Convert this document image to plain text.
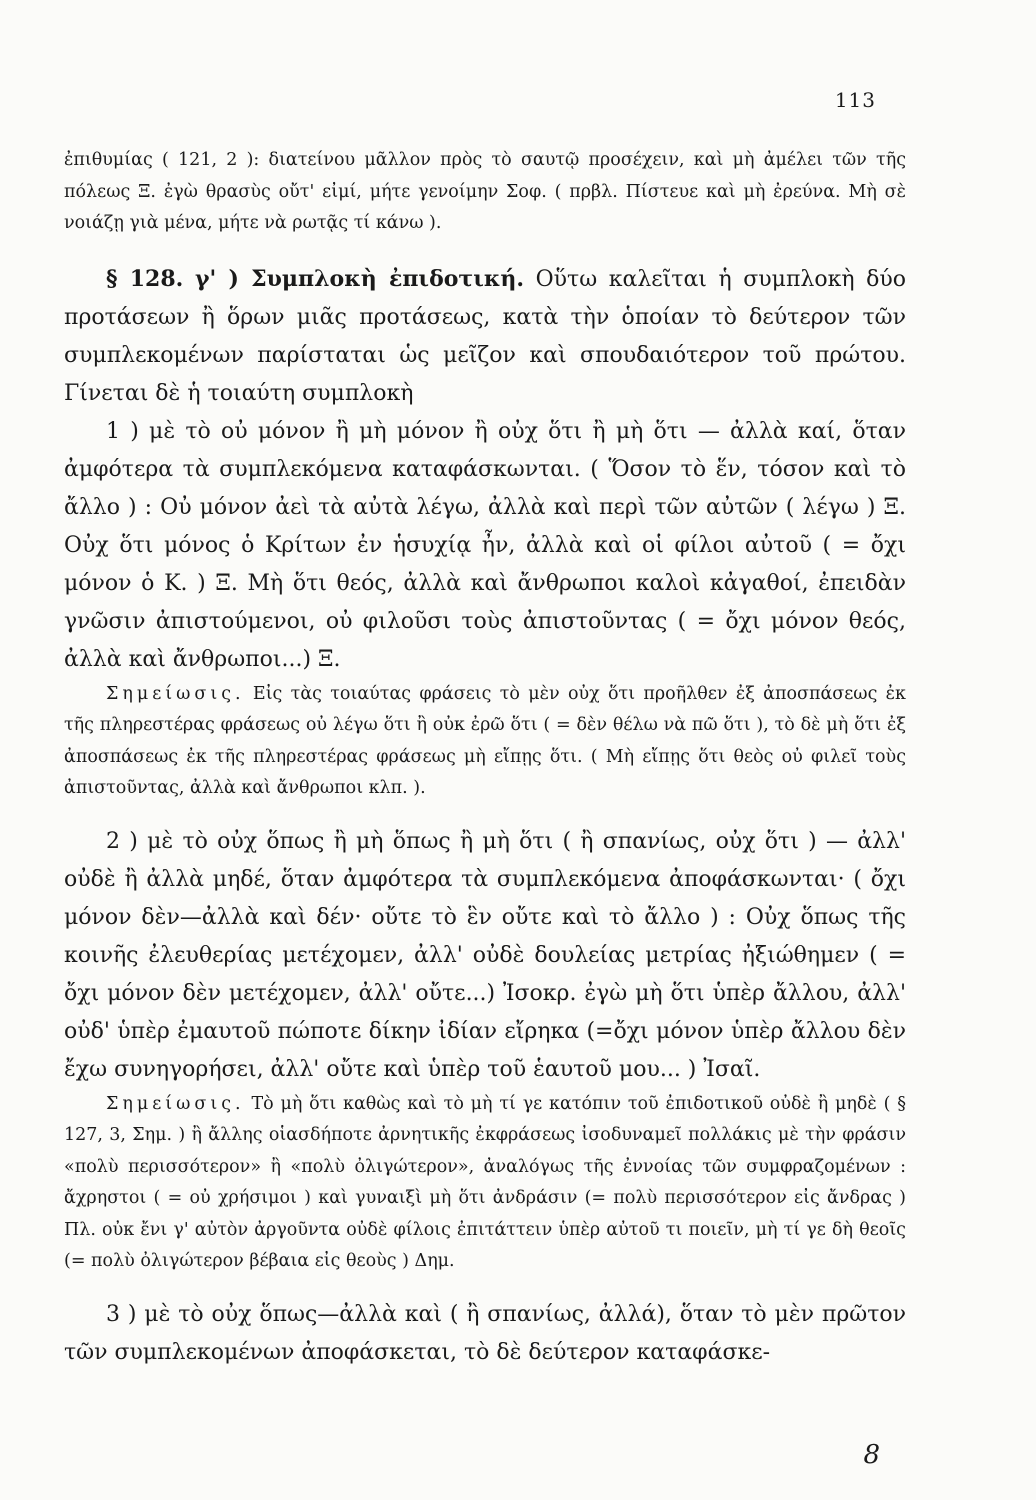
113

ἐπιθυμίας ( 121, 2 ): διατείνου μᾶλλον πρὸς τὸ σαυτῷ προσέχειν, καὶ μὴ ἀμέλει τῶν τῆς πόλεως Ξ. ἐγὼ θρασὺς οὔτ' εἰμί, μήτε γενοίμην Σοφ. ( πρβλ. Πίστευε καὶ μὴ ἐρεύνα. Μὴ σὲ νοιάζῃ γιὰ μένα, μήτε νὰ ρωτᾷς τί κάνω ).

§ 128. γ' ) Συμπλοκὴ ἐπιδοτική. Οὕτω καλεῖται ἡ συμπλοκὴ δύο προτάσεων ἢ ὅρων μιᾶς προτάσεως, κατὰ τὴν ὁποίαν τὸ δεύτερον τῶν συμπλεκομένων παρίσταται ὡς μεῖζον καὶ σπουδαιότερον τοῦ πρώτου. Γίνεται δὲ ἡ τοιαύτη συμπλοκὴ

1 ) μὲ τὸ οὐ μόνον ἢ μὴ μόνον ἢ οὐχ ὅτι ἢ μὴ ὅτι — ἀλλὰ καί, ὅταν ἀμφότερα τὰ συμπλεκόμενα καταφάσκωνται. ( Ὅσον τὸ ἕν, τόσον καὶ τὸ ἄλλο ) : Οὐ μόνον ἀεὶ τὰ αὐτὰ λέγω, ἀλλὰ καὶ περὶ τῶν αὐτῶν ( λέγω ) Ξ. Οὐχ ὅτι μόνος ὁ Κρίτων ἐν ἡσυχίᾳ ἦν, ἀλλὰ καὶ οἱ φίλοι αὐτοῦ ( = ὄχι μόνον ὁ Κ. ) Ξ. Μὴ ὅτι θεός, ἀλλὰ καὶ ἄνθρωποι καλοὶ κἀγαθοί, ἐπειδὰν γνῶσιν ἀπιστούμενοι, οὐ φιλοῦσι τοὺς ἀπιστοῦντας ( = ὄχι μόνον θεός, ἀλλὰ καὶ ἄνθρωποι...) Ξ.

Σημείωσις. Εἰς τὰς τοιαύτας φράσεις τὸ μὲν οὐχ ὅτι προῆλθεν ἐξ ἀποσπάσεως ἐκ τῆς πληρεστέρας φράσεως οὐ λέγω ὅτι ἢ οὐκ ἐρῶ ὅτι ( = δὲν θέλω νὰ πῶ ὅτι ), τὸ δὲ μὴ ὅτι ἐξ ἀποσπάσεως ἐκ τῆς πληρεστέρας φράσεως μὴ εἴπῃς ὅτι. ( Μὴ εἴπῃς ὅτι θεὸς οὐ φιλεῖ τοὺς ἀπιστοῦντας, ἀλλὰ καὶ ἄνθρωποι κλπ. ).

2 ) μὲ τὸ οὐχ ὅπως ἢ μὴ ὅπως ἢ μὴ ὅτι ( ἢ σπανίως, οὐχ ὅτι ) — ἀλλ' οὐδὲ ἢ ἀλλὰ μηδέ, ὅταν ἀμφότερα τὰ συμπλεκόμενα ἀποφάσκωνται· ( ὄχι μόνον δὲν—ἀλλὰ καὶ δέν· οὔτε τὸ ἓν οὔτε καὶ τὸ ἄλλο ) : Οὐχ ὅπως τῆς κοινῆς ἐλευθερίας μετέχομεν, ἀλλ' οὐδὲ δουλείας μετρίας ἠξιώθημεν ( = ὄχι μόνον δὲν μετέχομεν, ἀλλ' οὔτε...) Ἰσοκρ. ἐγὼ μὴ ὅτι ὑπὲρ ἄλλου, ἀλλ' οὐδ' ὑπὲρ ἐμαυτοῦ πώποτε δίκην ἰδίαν εἴρηκα (=ὄχι μόνον ὑπὲρ ἄλλου δὲν ἔχω συνηγορήσει, ἀλλ' οὔτε καὶ ὑπὲρ τοῦ ἑαυτοῦ μου... ) Ἰσαῖ.

Σημείωσις. Τὸ μὴ ὅτι καθὼς καὶ τὸ μὴ τί γε κατόπιν τοῦ ἐπιδοτικοῦ οὐδὲ ἢ μηδὲ ( § 127, 3, Σημ. ) ἢ ἄλλης οἱασδήποτε ἀρνητικῆς ἐκφράσεως ἰσοδυναμεῖ πολλάκις μὲ τὴν φράσιν «πολὺ περισσότερον» ἢ «πολὺ ὀλιγώτερον», ἀναλόγως τῆς ἐννοίας τῶν συμφραζομένων : ἄχρηστοι ( = οὐ χρήσιμοι ) καὶ γυναιξὶ μὴ ὅτι ἀνδράσιν (= πολὺ περισσότερον εἰς ἄνδρας ) Πλ. οὐκ ἔνι γ' αὐτὸν ἀργοῦντα οὐδὲ φίλοις ἐπιτάττειν ὑπὲρ αὐτοῦ τι ποιεῖν, μὴ τί γε δὴ θεοῖς (= πολὺ ὀλιγώτερον βέβαια εἰς θεοὺς ) Δημ.

3 ) μὲ τὸ οὐχ ὅπως—ἀλλὰ καὶ ( ἢ σπανίως, ἀλλά), ὅταν τὸ μὲν πρῶτον τῶν συμπλεκομένων ἀποφάσκεται, τὸ δὲ δεύτερον καταφάσκε-

8
